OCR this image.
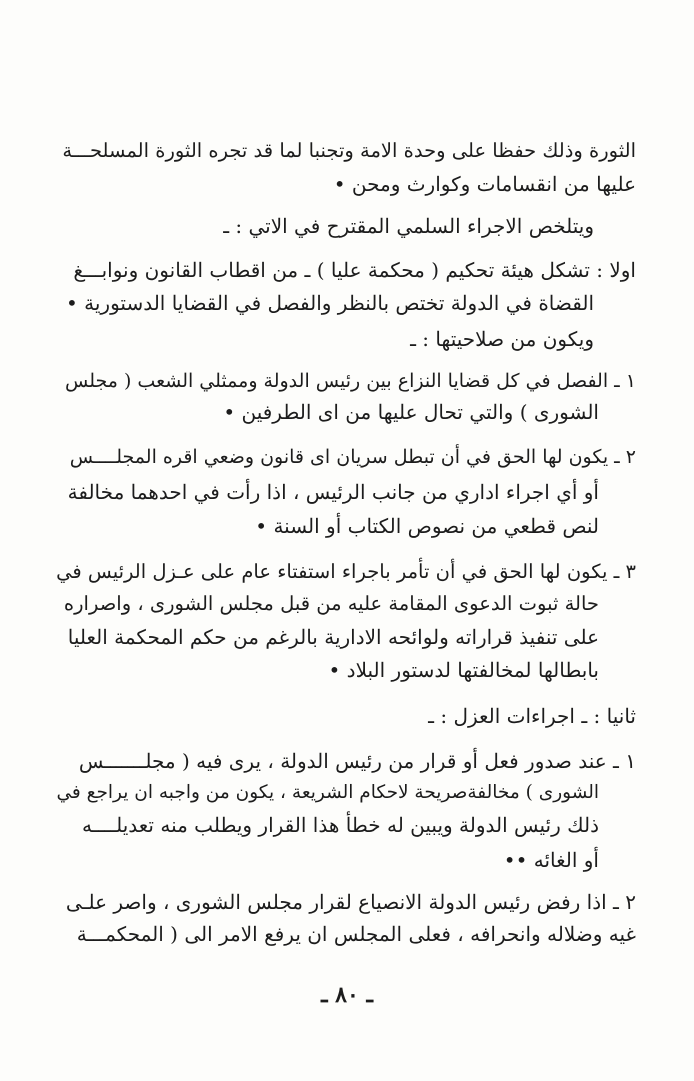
الثورة وذلك حفظا على وحدة الامة وتجنبا لما قد تجره الثورة المسلحـــة
عليها من انقسامات وكوارث ومحن •
ويتلخص الاجراء السلمي المقترح في الاتي : ـ
اولا : تشكل هيئة تحكيم ( محكمة عليا ) ـ من اقطاب القانون ونوابـــغ
القضاة في الدولة تختص بالنظر والفصل في القضايا الدستورية •
ويكون من صلاحيتها : ـ
١ ـ الفصل في كل قضايا النزاع بين رئيس الدولة وممثلي الشعب ( مجلس
الشورى ) والتي تحال عليها من اى الطرفين •
٢ ـ يكون لها الحق في أن تبطل سريان اى قانون وضعي اقره المجلــــس
أو أي اجراء اداري من جانب الرئيس ، اذا رأت في احدهما مخالفة
لنص قطعي من نصوص الكتاب أو السنة •
٣ ـ يكون لها الحق في أن تأمر باجراء استفتاء عام على عـزل الرئيس في
حالة ثبوت الدعوى المقامة عليه من قبل مجلس الشورى ، واصراره
على تنفيذ قراراته ولوائحه الادارية بالرغم من حكم المحكمة العليا
بابطالها لمخالفتها لدستور البلاد •
ثانيا : ـ اجراءات العزل : ـ
١ ـ عند صدور فعل أو قرار من رئيس الدولة ، يرى فيه ( مجلـــــــس
الشورى ) مخالفةصريحة لاحكام الشريعة ، يكون من واجبه ان يراجع في
ذلك رئيس الدولة ويبين له خطأ هذا القرار ويطلب منه تعديلــــه
أو الغائه ••
٢ ـ اذا رفض رئيس الدولة الانصياع لقرار مجلس الشورى ، واصر علـى
غيه وضلاله وانحرافه ، فعلى المجلس ان يرفع الامر الى ( المحكمـــة
ـ ٨٠ ـ
